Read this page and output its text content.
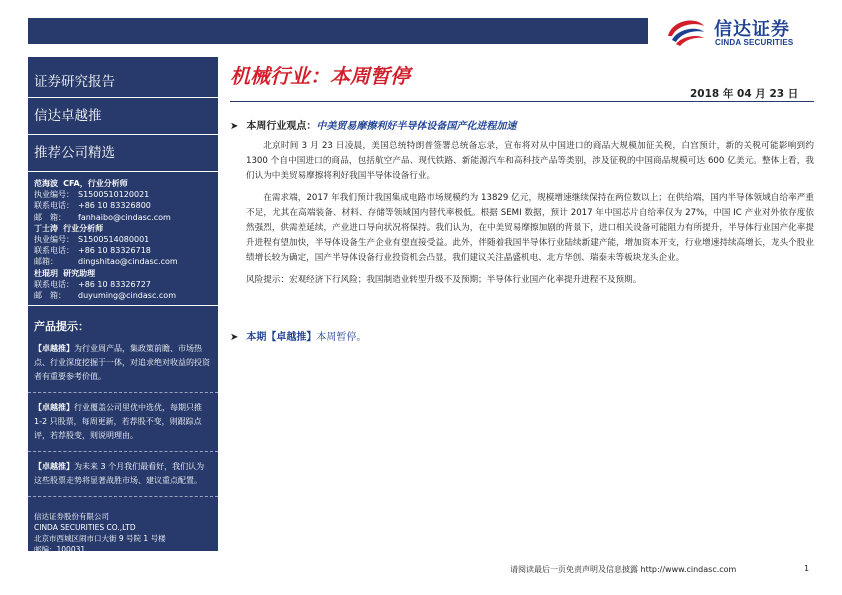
信达证券
CINDA SECURITIES
证券研究报告
信达卓越推
推荐公司精选
范海波 CFA，行业分析师
执业编号： S1500510120021
联系电话： +86 10 83326800
邮　箱： fanhaibo@cindasc.com
丁士涛 行业分析师
执业编号： S1500514080001
联系电话： +86 10 83326718
邮箱：	dingshitao@cindasc.com
杜琨玥 研究助理
联系电话： +86 10 83326727
邮　箱： duyuming@cindasc.com
产品提示：
【卓越推】为行业周产品，集政策前瞻、市场热点、行业深度挖掘于一体，对追求绝对收益的投资者有重要参考价值。
【卓越推】行业覆盖公司里优中选优，每期只推 1-2 只股票，每周更新，若荐股不变，则跟踪点评，若荐股变，则说明理由。
【卓越推】为未来 3 个月我们最看好，我们认为这些股票走势将显著战胜市场、建议重点配置。
信达证券股份有限公司
CINDA SECURITIES CO.,LTD
北京市西城区闹市口大街 9 号院 1 号楼
邮编：100031
机械行业：本周暂停
2018 年 04 月 23 日
➤ 本周行业观点：中美贸易摩擦利好半导体设备国产化进程加速

北京时间 3 月 23 日凌晨，美国总统特朗普签署总统备忘录，宣布将对从中国进口的商品大规模加征关税，白宫预计，新的关税可能影响到约 1300 个自中国进口的商品，包括航空产品、现代铁路、新能源汽车和高科技产品等类别，涉及征税的中国商品规模可达 600 亿美元。整体上看，我们认为中美贸易摩擦将利好我国半导体设备行业。

在需求端，2017 年我们预计我国集成电路市场规模约为 13829 亿元，规模增速继续保持在两位数以上；在供给端，国内半导体领域自给率严重不足，尤其在高端装备、材料、存储等领域国内替代率极低。根据 SEMI 数据，预计 2017 年中国芯片自给率仅为 27%，中国 IC 产业对外依存度依然强烈，供需差延续，产业进口导向状况将保持。我们认为，在中美贸易摩擦加剧的背景下，进口相关设备可能阻力有所提升，半导体行业国产化率提升进程有望加快，半导体设备生产企业有望直接受益。此外，伴随着我国半导体行业陆续新建产能，增加资本开支，行业增速持续高增长，龙头个股业绩增长较为确定，国产半导体设备行业投资机会凸显，我们建议关注晶盛机电、北方华创、瑞泰未等板块龙头企业。

风险提示：宏观经济下行风险；我国制造业转型升级不及预期；半导体行业国产化率提升进程不及预期。

➤ 本期【卓越推】本周暂停。
请阅读最后一页免责声明及信息披露 http://www.cindasc.com	1
